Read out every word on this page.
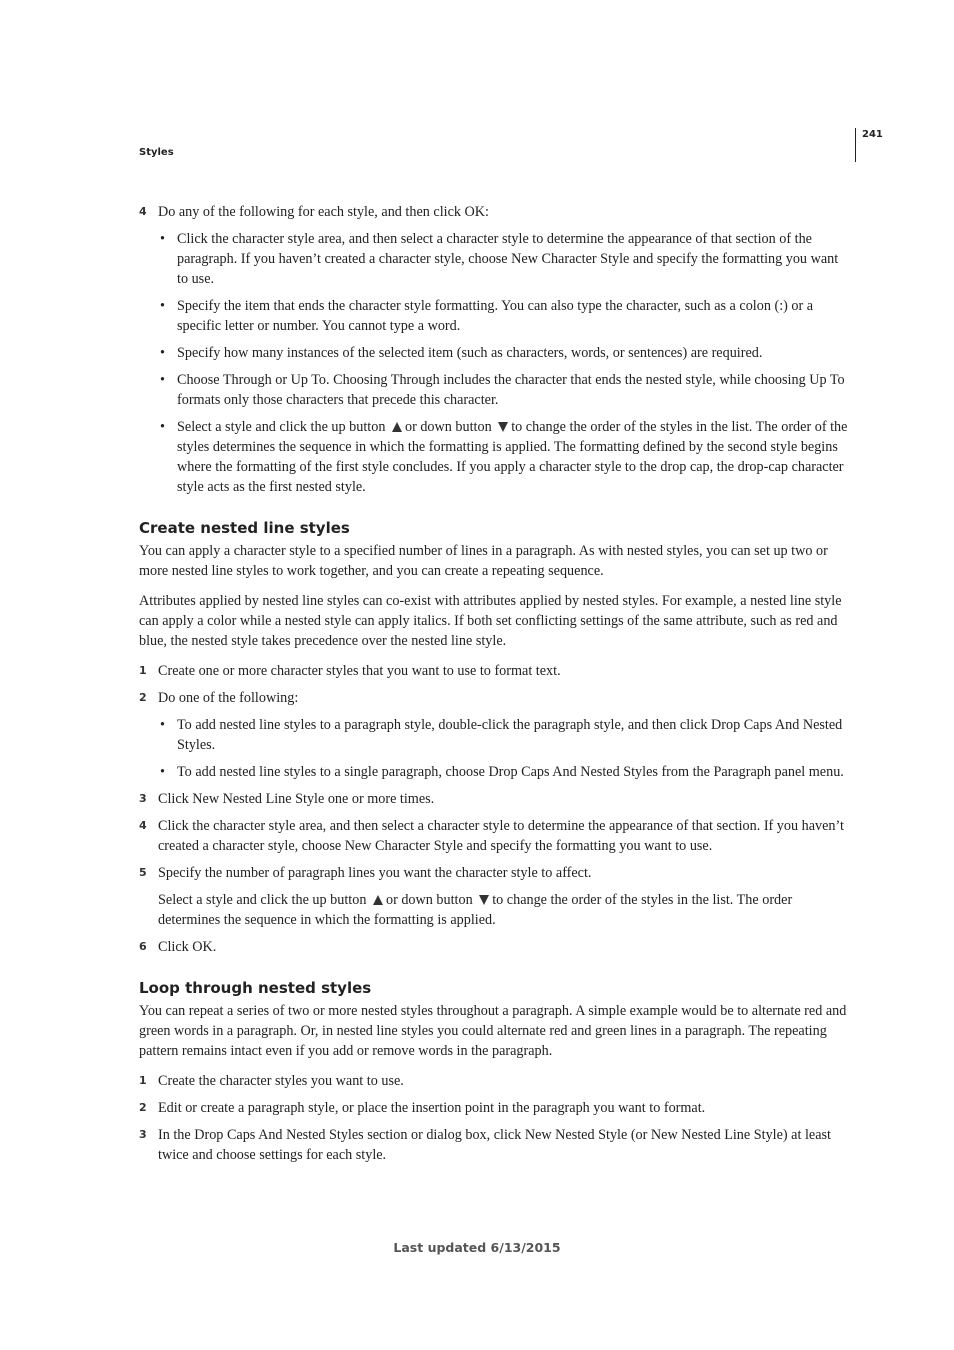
Styles
241
4 Do any of the following for each style, and then click OK:
• Click the character style area, and then select a character style to determine the appearance of that section of the paragraph. If you haven’t created a character style, choose New Character Style and specify the formatting you want to use.
• Specify the item that ends the character style formatting. You can also type the character, such as a colon (:) or a specific letter or number. You cannot type a word.
• Specify how many instances of the selected item (such as characters, words, or sentences) are required.
• Choose Through or Up To. Choosing Through includes the character that ends the nested style, while choosing Up To formats only those characters that precede this character.
• Select a style and click the up button or down button to change the order of the styles in the list. The order of the styles determines the sequence in which the formatting is applied. The formatting defined by the second style begins where the formatting of the first style concludes. If you apply a character style to the drop cap, the drop-cap character style acts as the first nested style.
Create nested line styles

You can apply a character style to a specified number of lines in a paragraph. As with nested styles, you can set up two or more nested line styles to work together, and you can create a repeating sequence.

Attributes applied by nested line styles can co-exist with attributes applied by nested styles. For example, a nested line style can apply a color while a nested style can apply italics. If both set conflicting settings of the same attribute, such as red and blue, the nested style takes precedence over the nested line style.

1 Create one or more character styles that you want to use to format text.
2 Do one of the following:
• To add nested line styles to a paragraph style, double-click the paragraph style, and then click Drop Caps And Nested Styles.
• To add nested line styles to a single paragraph, choose Drop Caps And Nested Styles from the Paragraph panel menu.
3 Click New Nested Line Style one or more times.
4 Click the character style area, and then select a character style to determine the appearance of that section. If you haven’t created a character style, choose New Character Style and specify the formatting you want to use.
5 Specify the number of paragraph lines you want the character style to affect.
Select a style and click the up button or down button to change the order of the styles in the list. The order determines the sequence in which the formatting is applied.
6 Click OK.
Loop through nested styles

You can repeat a series of two or more nested styles throughout a paragraph. A simple example would be to alternate red and green words in a paragraph. Or, in nested line styles you could alternate red and green lines in a paragraph. The repeating pattern remains intact even if you add or remove words in the paragraph.

1 Create the character styles you want to use.
2 Edit or create a paragraph style, or place the insertion point in the paragraph you want to format.
3 In the Drop Caps And Nested Styles section or dialog box, click New Nested Style (or New Nested Line Style) at least twice and choose settings for each style.
Last updated 6/13/2015
